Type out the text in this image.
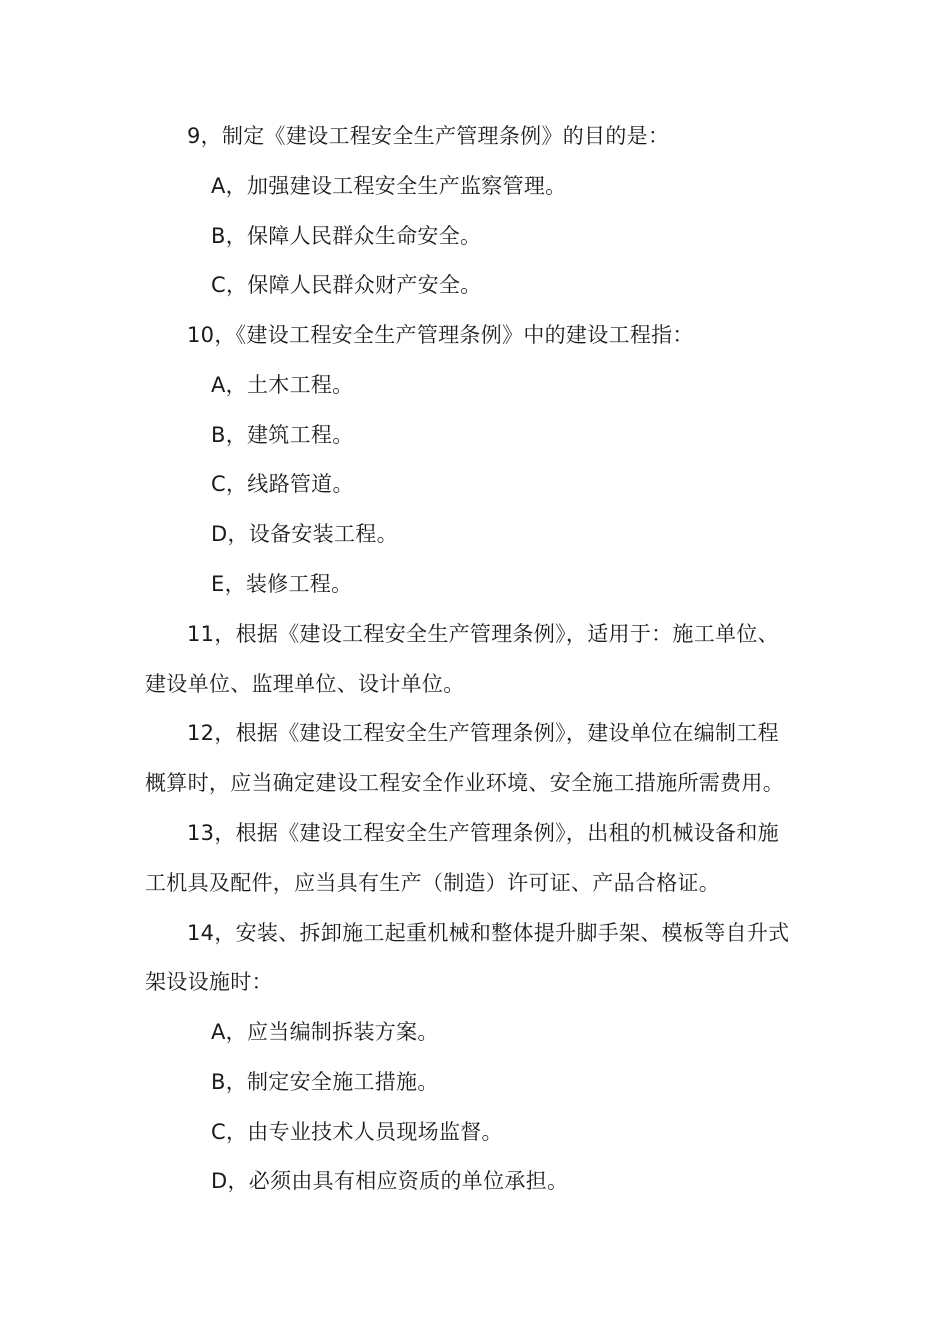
9，制定《建设工程安全生产管理条例》的目的是：
A，加强建设工程安全生产监察管理。
B，保障人民群众生命安全。
C，保障人民群众财产安全。
10，《建设工程安全生产管理条例》中的建设工程指：
A，土木工程。
B，建筑工程。
C，线路管道。
D，设备安装工程。
E，装修工程。
11，根据《建设工程安全生产管理条例》，适用于：施工单位、
建设单位、监理单位、设计单位。
12，根据《建设工程安全生产管理条例》，建设单位在编制工程
概算时，应当确定建设工程安全作业环境、安全施工措施所需费用。
13，根据《建设工程安全生产管理条例》，出租的机械设备和施
工机具及配件，应当具有生产（制造）许可证、产品合格证。
14，安装、拆卸施工起重机械和整体提升脚手架、模板等自升式
架设设施时：
A，应当编制拆装方案。
B，制定安全施工措施。
C，由专业技术人员现场监督。
D，必须由具有相应资质的单位承担。
